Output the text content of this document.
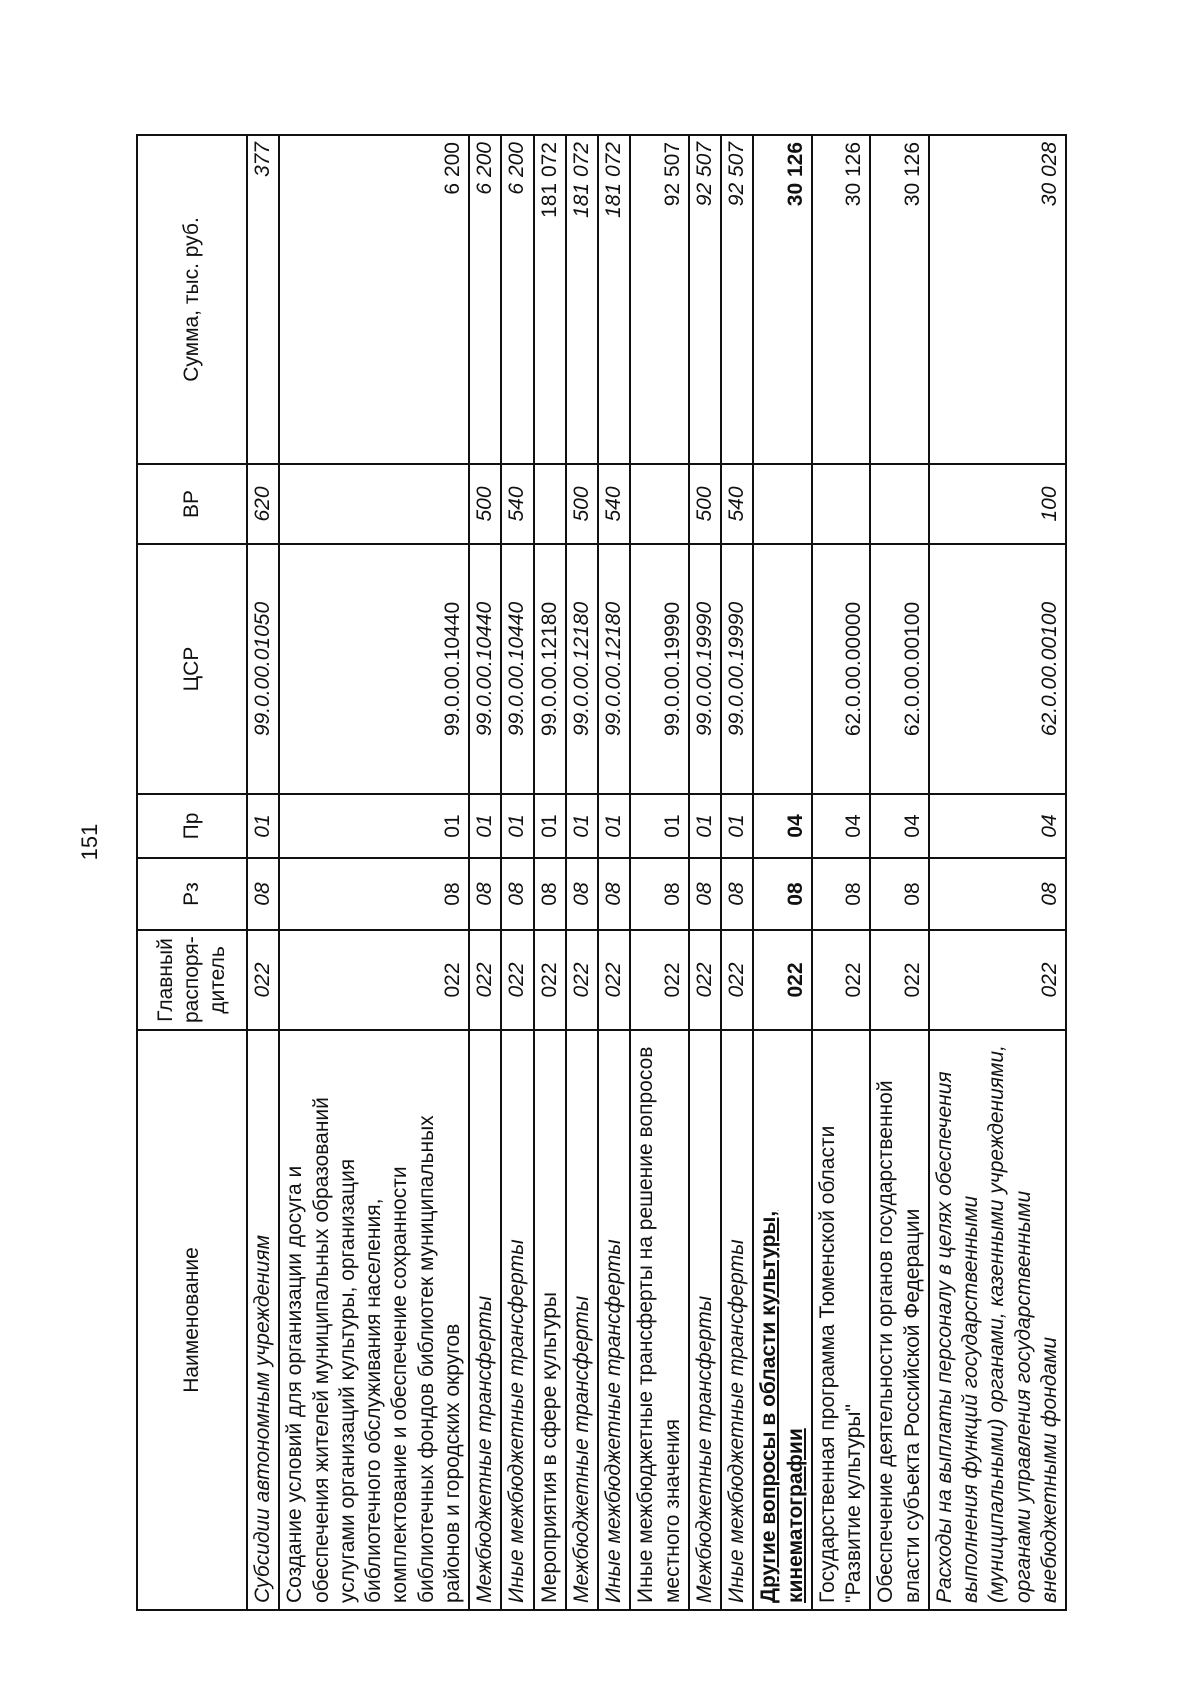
151
Наименование	Главный распоря-дитель	Рз	Пр	ЦСР	ВР	Сумма, тыс. руб.
Субсидии автономным учреждениям	022	08	01	99.0.00.01050	620	377
Создание условий для организации досуга и обеспечения жителей муниципальных образований услугами организаций культуры, организация библиотечного обслуживания населения, комплектование и обеспечение сохранности библиотечных фондов библиотек муниципальных районов и городских округов	022	08	01	99.0.00.10440		6 200
Межбюджетные трансферты	022	08	01	99.0.00.10440	500	6 200
Иные межбюджетные трансферты	022	08	01	99.0.00.10440	540	6 200
Мероприятия в сфере культуры	022	08	01	99.0.00.12180		181 072
Межбюджетные трансферты	022	08	01	99.0.00.12180	500	181 072
Иные межбюджетные трансферты	022	08	01	99.0.00.12180	540	181 072
Иные межбюджетные трансферты на решение вопросов местного значения	022	08	01	99.0.00.19990		92 507
Межбюджетные трансферты	022	08	01	99.0.00.19990	500	92 507
Иные межбюджетные трансферты	022	08	01	99.0.00.19990	540	92 507
Другие вопросы в области культуры, кинематографии	022	08	04			30 126
Государственная программа Тюменской области "Развитие культуры"	022	08	04	62.0.00.00000		30 126
Обеспечение деятельности органов государственной власти субъекта Российской Федерации	022	08	04	62.0.00.00100		30 126
Расходы на выплаты персоналу в целях обеспечения выполнения функций государственными (муниципальными) органами, казенными учреждениями, органами управления государственными внебюджетными фондами	022	08	04	62.0.00.00100	100	30 028
